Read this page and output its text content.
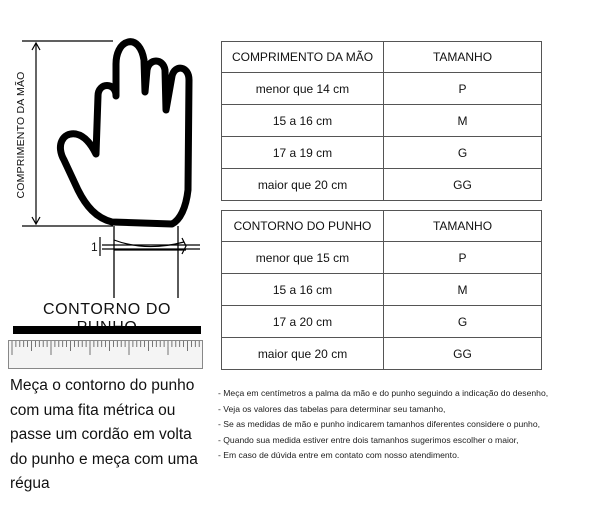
COMPRIMENTO DA MÃO
1
COMPRIMENTO DA MÃO	TAMANHO
menor que 14 cm	P
15 a 16 cm	M
17 a 19 cm	G
maior que 20 cm	GG
CONTORNO DO PUNHO	TAMANHO
menor que 15 cm	P
15 a 16 cm	M
17 a 20 cm	G
maior que 20 cm	GG
CONTORNO DO
Meça o contorno do punho com uma fita métrica ou passe um cordão em volta do punho e meça com uma régua
- Meça em centímetros a palma da mão e do punho seguindo a indicação do desenho,
- Veja os valores das tabelas para determinar seu tamanho,
- Se as medidas de mão e punho indicarem tamanhos diferentes considere o punho,
- Quando sua medida estiver entre dois tamanhos sugerimos escolher o maior,
- Em caso de dúvida entre em contato com nosso atendimento.
